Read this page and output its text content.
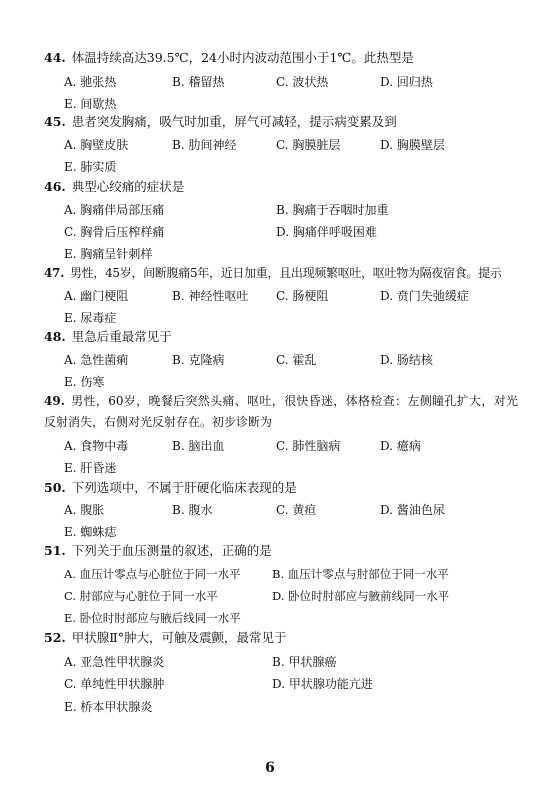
44. 体温持续高达39.5℃，24小时内波动范围小于1℃。此热型是
A. 驰张热	B. 稽留热	C. 波状热	D. 回归热
E. 间歇热
45. 患者突发胸痛，吸气时加重，屏气可减轻，提示病变累及到
A. 胸壁皮肤	B. 肋间神经	C. 胸膜脏层	D. 胸膜壁层
E. 肺实质
46. 典型心绞痛的症状是
A. 胸痛伴局部压痛	B. 胸痛于吞咽时加重
C. 胸骨后压榨样痛	D. 胸痛伴呼吸困难
E. 胸痛呈针刺样
47. 男性，45岁，间断腹痛5年，近日加重，且出现频繁呕吐，呕吐物为隔夜宿食。提示
A. 幽门梗阻	B. 神经性呕吐 C. 肠梗阻	D. 贲门失弛缓症
E. 尿毒症
48. 里急后重最常见于
A. 急性菌痢	B. 克隆病	C. 霍乱	D. 肠结核
E. 伤寒
49. 男性，60岁，晚餐后突然头痛、呕吐，很快昏迷，体格检查：左侧瞳孔扩大，对光反射消失，右侧对光反射存在。初步诊断为
A. 食物中毒	B. 脑出血	C. 肺性脑病	D. 癔病
E. 肝昏迷
50. 下列选项中，不属于肝硬化临床表现的是
A. 腹胀	B. 腹水	C. 黄疸	D. 酱油色尿
E. 蜘蛛痣
51. 下列关于血压测量的叙述，正确的是
A. 血压计零点与心脏位于同一水平	B. 血压计零点与肘部位于同一水平
C. 肘部应与心脏位于同一水平	D. 卧位时肘部应与腋前线同一水平
E. 卧位时肘部应与腋后线同一水平
52. 甲状腺Ⅱ°肿大，可触及震颤，最常见于
A. 亚急性甲状腺炎	B. 甲状腺癌
C. 单纯性甲状腺肿	D. 甲状腺功能亢进
E. 桥本甲状腺炎
6
